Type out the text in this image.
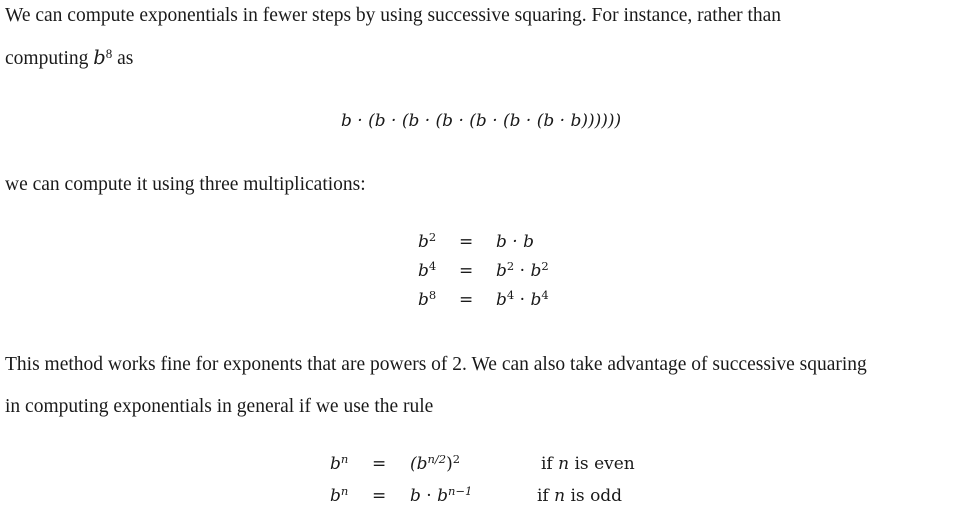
We can compute exponentials in fewer steps by using successive squaring. For instance, rather than

computing $b^8$ as

b · (b · (b · (b · (b · (b · (b · b))))))

we can compute it using three multiplications:

$b^2 = b \cdot b$
$b^4 = b^2 \cdot b^2$
$b^8 = b^4 \cdot b^4$

This method works fine for exponents that are powers of 2. We can also take advantage of successive squaring

in computing exponentials in general if we use the rule

$b^n = (b^{n/2})^2$	if n is even
$b^n = b \cdot b^{n-1}$	if n is odd
